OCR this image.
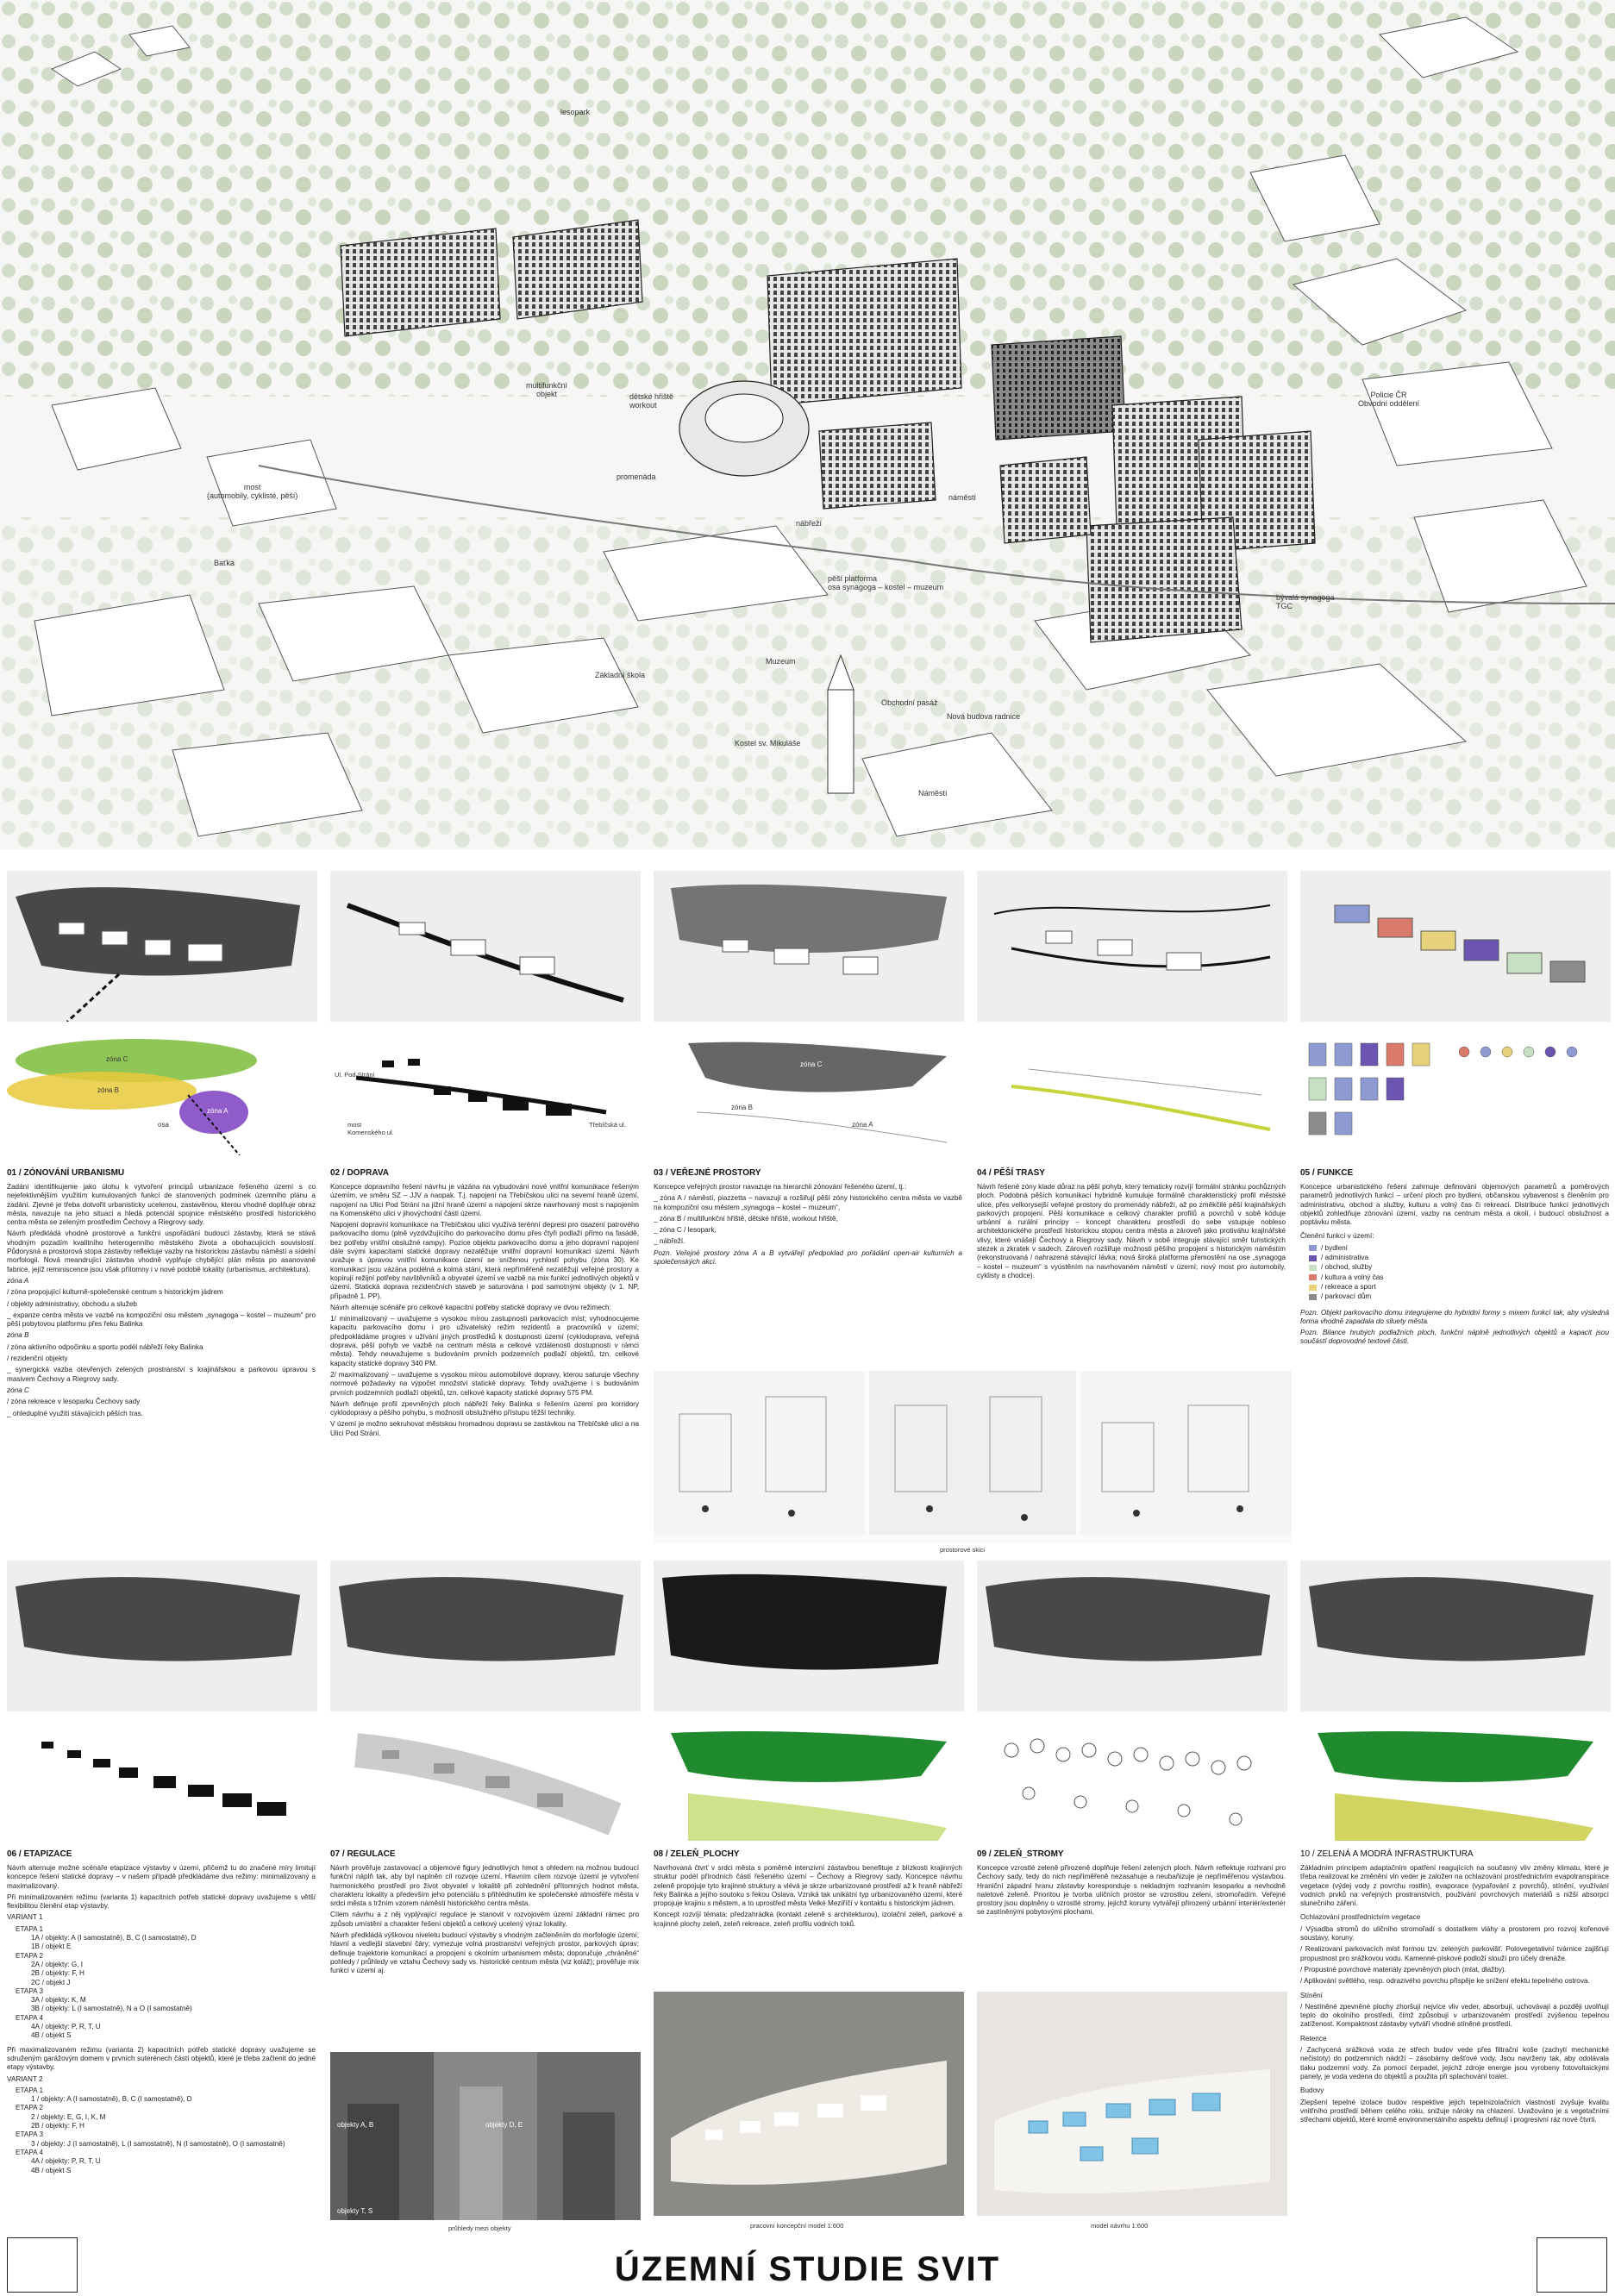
lesopark
multifunkční
objekt	dětské hřiště
workout
promenáda
most
(automobily, cyklisté, pěší)
Baťka
nábřeží
náměstí
pěší platforma
osa synagoga – kostel – muzeum
Policie ČR
Obvodní oddělení
Muzeum
Základní škola
Obchodní pasáž
Nová budova radnice
Kostel sv. Mikuláše
Náměstí
bývalá synagoga
TGC
zóna C
zóna B
zóna A
osa
Ul. Pod Strání
most
Komenského ul.
Třebíčská ul.
zóna C
zóna B
zóna A
01 / ZÓNOVÁNÍ URBANISMU

Zadání identifikujeme jako úlohu k vytvoření principů urbanizace řešeného území s co nejefektivnějším využitím kumulovaných funkcí de stanovených podmínek územního plánu a zadání. Zjevné je třeba dotvořit urbanisticky ucelenou, zastavěnou, kterou vhodně doplňuje obraz města, navazuje na jeho situaci a hledá potenciál spojnice městského prostředí historického centra města se zeleným prostředím Čechovy a Riegrovy sady.

Návrh předkládá vhodné prostorové a funkční uspořádání budoucí zástavby, která se stává vhodným pozadím kvalitního heterogenního městského života a obohacujících souvislostí. Půdorysná a prostorová stopa zástavby reflektuje vazby na historickou zástavbu náměstí a sídelní morfologii. Nová meandrující zástavba vhodně vyplňuje chybějící plán města po asanované fabrice, jejíž reminiscence jsou však přítomny i v nové podobě lokality (urbanismus, architektura).

zóna A

/ zóna propojující kulturně-společenské centrum s historickým jádrem

/ objekty administrativy, obchodu a služeb

_ expanze centra města ve vazbě na kompoziční osu městem „synagoga – kostel – muzeum“ pro pěší pobytovou platformu přes řeku Balinka

zóna B

/ zóna aktivního odpočinku a sportu podél nábřeží řeky Balinka

/ rezidenční objekty

_ synergická vazba otevřených zelených prostranství s krajinářskou a parkovou úpravou s masivem Čechovy a Riegrovy sady.

zóna C

/ zóna rekreace v lesoparku Čechovy sady

_ ohleduplné využití stávajících pěších tras.

02 / DOPRAVA

Koncepce dopravního řešení návrhu je vázána na vybudování nové vnitřní komunikace řešeným územím, ve směru SZ – JJV a naopak. T.j. napojení na Třebíčskou ulici na severní hraně území, napojení na Ulici Pod Strání na jižní hraně území a napojení skrze navrhovaný most s napojením na Komenského ulici v jihovýchodní části území.

Napojení dopravní komunikace na Třebíčskou ulici využívá terénní depresi pro osazení patrového parkovacího domu (plně vyzdvižujícího do parkovacího domu přes čtyři podlaží přímo na fasádě, bez potřeby vnitřní obslužné rampy). Pozice objektu parkovacího domu a jeho dopravní napojení dále svými kapacitami statické dopravy nezatěžuje vnitřní dopravní komunikaci území. Návrh uvažuje s úpravou vnitřní komunikace území se sníženou rychlostí pohybu (zóna 30). Ke komunikaci jsou vázána podélná a kolmá stání, která nepříměřeně nezatěžují veřejné prostory a kopírují režijní potřeby navštěvníků a obyvatel území ve vazbě na mix funkcí jednotlivých objektů v území. Statická doprava rezidenčních staveb je saturována i pod samotnými objekty (v 1. NP, případně 1. PP).

Návrh alternuje scénáře pro celkové kapacitní potřeby statické dopravy ve dvou režimech:

1/ minimalizovaný – uvažujeme s vysokou mírou zastupnosti parkovacích míst; vyhodnocujeme kapacitu parkovacího domu i pro uživatelský režim rezidentů a pracovníků v území; předpokládáme progres v užívání jiných prostředků k dostupnosti území (cyklodoprava, veřejná doprava, pěší pohyb ve vazbě na centrum města a celkové vzdálenosti dostupnosti v rámci města). Tehdy neuvažujeme s budováním prvních podzemních podlaží objektů, tzn. celkové kapacity statické dopravy 340 PM.

2/ maximalizovaný – uvažujeme s vysokou mírou automobilové dopravy, kterou saturuje všechny normové požadavky na výpočet množství statické dopravy. Tehdy uvažujeme i s budováním prvních podzemních podlaží objektů, tzn. celkové kapacity statické dopravy 575 PM.

Návrh definuje profil zpevněných ploch nábřeží řeky Balinka s řešením území pro korridory cyklodopravy a pěšího pohybu, s možností obslužného přístupu těžší techniky.

V území je možno sekruhovat městskou hromadnou dopravu se zastávkou na Třebíčské ulici a na Ulici Pod Strání.

03 / VEŘEJNÉ PROSTORY

Koncepce veřejných prostor navazuje na hierarchii zónování řešeného území, tj.:

_ zóna A / náměstí, piazzetta – navazují a rozšiřují pěší zóny historického centra města ve vazbě na kompoziční osu městem „synagoga – kostel – muzeum“,

_ zóna B / multifunkční hřiště, dětské hřiště, workout hřiště,

_ zóna C / lesopark,

_ nábřeží.

Pozn. Veřejné prostory zóna A a B vytvářejí předpoklad pro pořádání open-air kulturních a společenských akcí.

04 / PĚŠÍ TRASY

Návrh řešené zóny klade důraz na pěší pohyb, který tematicky rozvíjí formální stránku pochůzných ploch. Podobná pěších komunikací hybridně kumuluje formálně charakteristický profil městské ulice, přes velkorysejší veřejné prostory do promenády nábřeží, až po změkčilé pěší krajinářských parkových propojení. Pěší komunikace a celkový charakter profilů a povrchů v sobě kóduje urbánní a rurální principy – koncept charakteru prostředí do sebe vstupuje nobleso architektonického prostředí historickou stopou centra města a zároveň jako protiváhu krajinářské vlivy, které vnášejí Čechovy a Riegrovy sady. Návrh v sobě integruje stávající směr turistických stezek a zkratek v sadech. Zároveň rozšiřuje možnosti pěšího propojení s historickým náměstím (rekonstruovaná / nahrazená stávající lávka; nová široká platforma přemostění na ose „synagoga – kostel – muzeum“ s vyústěním na navrhovaném náměstí v území; nový most pro automobily, cyklisty a chodce).

05 / FUNKCE

Koncepce urbanistického řešení zahrnuje definování objemových parametrů a poměrových parametrů jednotlivých funkcí – určení ploch pro bydlení, občanskou vybavenost s členěním pro administrativu, obchod a služby, kulturu a volný čas či rekreaci. Distribuce funkcí jednotlivých objektů zohledňuje zónování území, vazby na centrum města a okolí, i budoucí obslužnost a poptávku města.

Členění funkcí v území:

/ bydlení
/ administrativa
/ obchod, služby
/ kultura a volný čas
/ rekreace a sport
/ parkovací dům

Pozn. Objekt parkovacího domu integrujeme do hybridní formy s mixem funkcí tak, aby výsledná forma vhodně zapadala do siluety města.

Pozn. Bilance hrubých podlažních ploch, funkční náplně jednotlivých objektů a kapacit jsou součástí doprovodné textové části.

prostorové skici
06 / ETAPIZACE

Návrh alternuje možné scénáře etapizace výstavby v území, přičemž tu do značené míry limitují koncepce řešení statické dopravy – v našem případě předkládáme dva režimy: minimalizovaný a maximalizovaný.

Při minimalizovaném režimu (varianta 1) kapacitních potřeb statické dopravy uvažujeme s větší flexibilitou členění etap výstavby.

VARIANT 1

ETAPA 1

1A / objekty: A (I samostatně), B, C (I samostatně), D

1B / objekt E

ETAPA 2

2A / objekty: G, I

2B / objekty: F, H

2C / objekt J

ETAPA 3

3A / objekty: K, M

3B / objekty: L (I samostatně), N a O (I samostatně)

ETAPA 4

4A / objekty: P, R, T, U

4B / objekt S

Při maximalizovaném režimu (varianta 2) kapacitních potřeb statické dopravy uvažujeme se sdruženým garážovým domem v prvních suterénech částí objektů, které je třeba začlenit do jedné etapy výstavby.

VARIANT 2

ETAPA 1

1 / objekty: A (I samostatně), B, C (I samostatně), D

ETAPA 2

2 / objekty: E, G, I, K, M

2B / objekty: F, H

ETAPA 3

3 / objekty: J (I samostatně), L (I samostatně), N (I samostatně), O (I samostatně)

ETAPA 4

4A / objekty: P, R, T, U

4B / objekt S

07 / REGULACE

Návrh prověřuje zastavovací a objemové figury jednotlivých hmot s ohledem na možnou budoucí funkční náplň tak, aby byl naplněn cíl rozvoje území. Hlavním cílem rozvoje území je vytvoření harmonického prostředí pro život obyvatel v lokalitě při zohlednění přítomných hodnot města, charakteru lokality a především jeho potenciálu s přihlédnutím ke společenské atmosféře města v srdci města s tržním vzorem náměstí historického centra města.

Cílem návrhu a z něj vyplývající regulace je stanovit v rozvojovém území základní rámec pro způsob umístění a charakter řešení objektů a celkový ucelený výraz lokality.

Návrh předkládá výškovou niveletu budoucí výstavby s vhodným začleněním do morfologie území; hlavní a vedlejší stavební čáry; vymezuje volná prostranství veřejných prostor, parkových úprav; definuje trajektorie komunikací a propojení s okolním urbanismem města; doporučuje „chráněné“ pohledy / průhledy ve vztahu Čechovy sady vs. historické centrum města (viz koláž); prověřuje mix funkcí v území aj.

objekty A, B	objekty D, E
objekty T, S
průhledy mezi objekty
08 / ZELEŇ_PLOCHY

Navrhovaná čtvrť v srdci města s poměrně intenzivní zástavbou benefituje z blízkosti krajinných struktur podél přírodních částí řešeného území – Čechovy a Riegrovy sady. Koncepce návrhu zeleně propojuje tyto krajinné struktury a vlévá je skrze urbanizované prostředí až k hraně nábřeží řeky Balinka a jejího soutoku s řekou Oslava. Vzniká tak unikátní typ urbanizovaného území, které propojuje krajinu s městem, a to uprostřed města Velké Meziříčí v kontaktu s historickým jádrem.

Koncept rozvíjí témata: předzahrádka (kontakt zeleně s architekturou), izolační zeleň, parkové a krajinné plochy zeleň, zeleň rekreace, zeleň profilu vodních toků.

pracovní koncepční model 1:600
09 / ZELEŇ_STROMY

Koncepce vzrostlé zeleně přirozeně doplňuje řešení zelených ploch. Návrh reflektuje rozhraní pro Čechovy sady, tedy do nich nepříměřeně nezasahuje a neubaňizuje je nepříměřenou výstavbou. Hraniční západní hranu zástavby koresponduje s nekladným rozhraním lesoparku a nevhodně naletové zeleně. Prioritou je tvorba uličních prostor se vzrostlou zelení, stromořadím. Veřejné prostory jsou doplněny o vzrostlé stromy, jejichž koruny vytvářejí přirozený urbánní interiér/exteriér se zastíněnými pobytovými plochami.

model návrhu 1:600
10 / ZELENÁ A MODRÁ INFRASTRUKTURA

Základním principem adaptačním opatření reagujících na současný vliv změny klimatu, které je třeba realizovat ke změnění vln veder je založen na ochlazování prostřednictvím evapotranspirace vegetace (výdej vody z povrchu rostlin), evaporace (vypařování z povrchů), stínění, využívání vodních prvků na veřejných prostranstvích, používání povrchových materiálů s nižší absorpcí slunečního záření.

Ochlazování prostřednictvím vegetace

/ Výsadba stromů do uličního stromořadí s dostatkem vláhy a prostorem pro rozvoj kořenové soustavy, koruny.

/ Realizovaní parkovacích míst formou tzv. zelených parkovišť. Polovegetativní tvárnice zajišťují propustnost pro srážkovou vodu. Kamenné-pískové podloží slouží pro účely drenáže.

/ Propustné povrchové materiály zpevněných ploch (mlat, dlažby).

/ Aplikování světlého, resp. odrazivého povrchu přispěje ke snížení efektu tepelného ostrova.

Stínění

/ Nestíněné zpevněné plochy zhoršují nejvíce vliv veder, absorbují, uchovávají a později uvolňují teplo do okolního prostředí, čímž způsobují v urbanizovaném prostředí zvýšenou tepelnou zatíženost. Kompaktnost zástavby vytváří vhodné stíněné prostředí.

Retence

/ Zachycená srážková voda ze střech budov vede přes filtrační koše (zachytí mechanické nečistoty) do podzemních nádrží – zásobárny dešťové vody. Jsou navrženy tak, aby odolávala tlaku podzemní vody. Za pomocí čerpadel, jejichž zdroje energie jsou vyrobeny fotovoltaickými panely, je voda vedena do objektů a použita při splachování toalet.

Budovy

Zlepšení tepelné izolace budov respektive jejich tepelnizolačních vlastností zvyšuje kvalitu vnitřního prostředí během celého roku, snižuje nároky na chlazení. Uvažováno je s vegetačními střechami objektů, které kromě environmentálního aspektu definují i progresivní ráz nové čtvrti.

ÚZEMNÍ STUDIE SVIT
